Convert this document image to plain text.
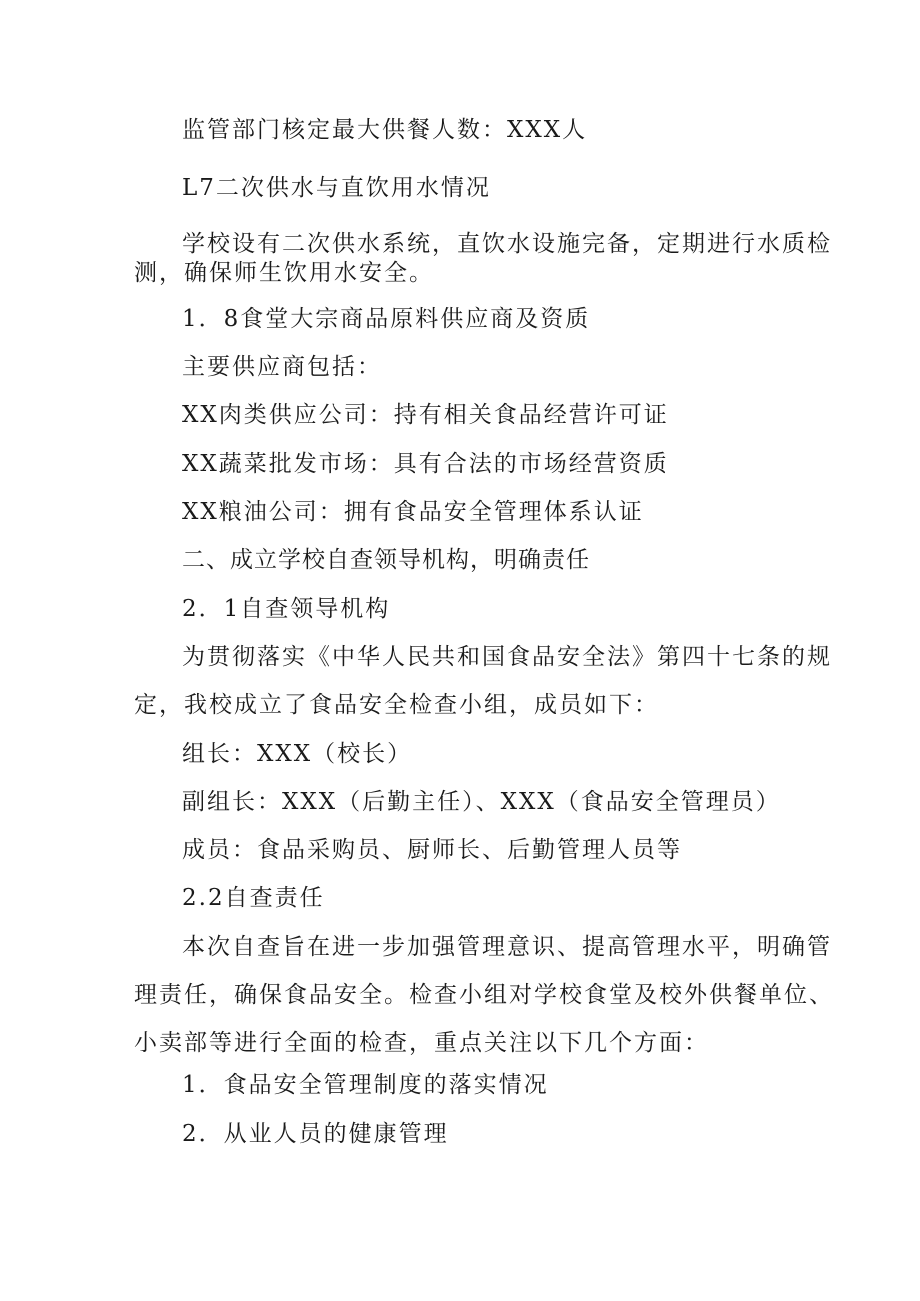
监管部门核定最大供餐人数：XXX人
L7二次供水与直饮用水情况
学校设有二次供水系统，直饮水设施完备，定期进行水质检
测，确保师生饮用水安全。
1．8食堂大宗商品原料供应商及资质
主要供应商包括：
XX肉类供应公司：持有相关食品经营许可证
XX蔬菜批发市场：具有合法的市场经营资质
XX粮油公司：拥有食品安全管理体系认证
二、成立学校自查领导机构，明确责任
2．1自查领导机构
为贯彻落实《中华人民共和国食品安全法》第四十七条的规
定，我校成立了食品安全检查小组，成员如下：
组长：XXX（校长）
副组长：XXX（后勤主任）、XXX（食品安全管理员）
成员：食品采购员、厨师长、后勤管理人员等
2.2自查责任
本次自查旨在进一步加强管理意识、提高管理水平，明确管
理责任，确保食品安全。检查小组对学校食堂及校外供餐单位、
小卖部等进行全面的检查，重点关注以下几个方面：
1．食品安全管理制度的落实情况
2．从业人员的健康管理
